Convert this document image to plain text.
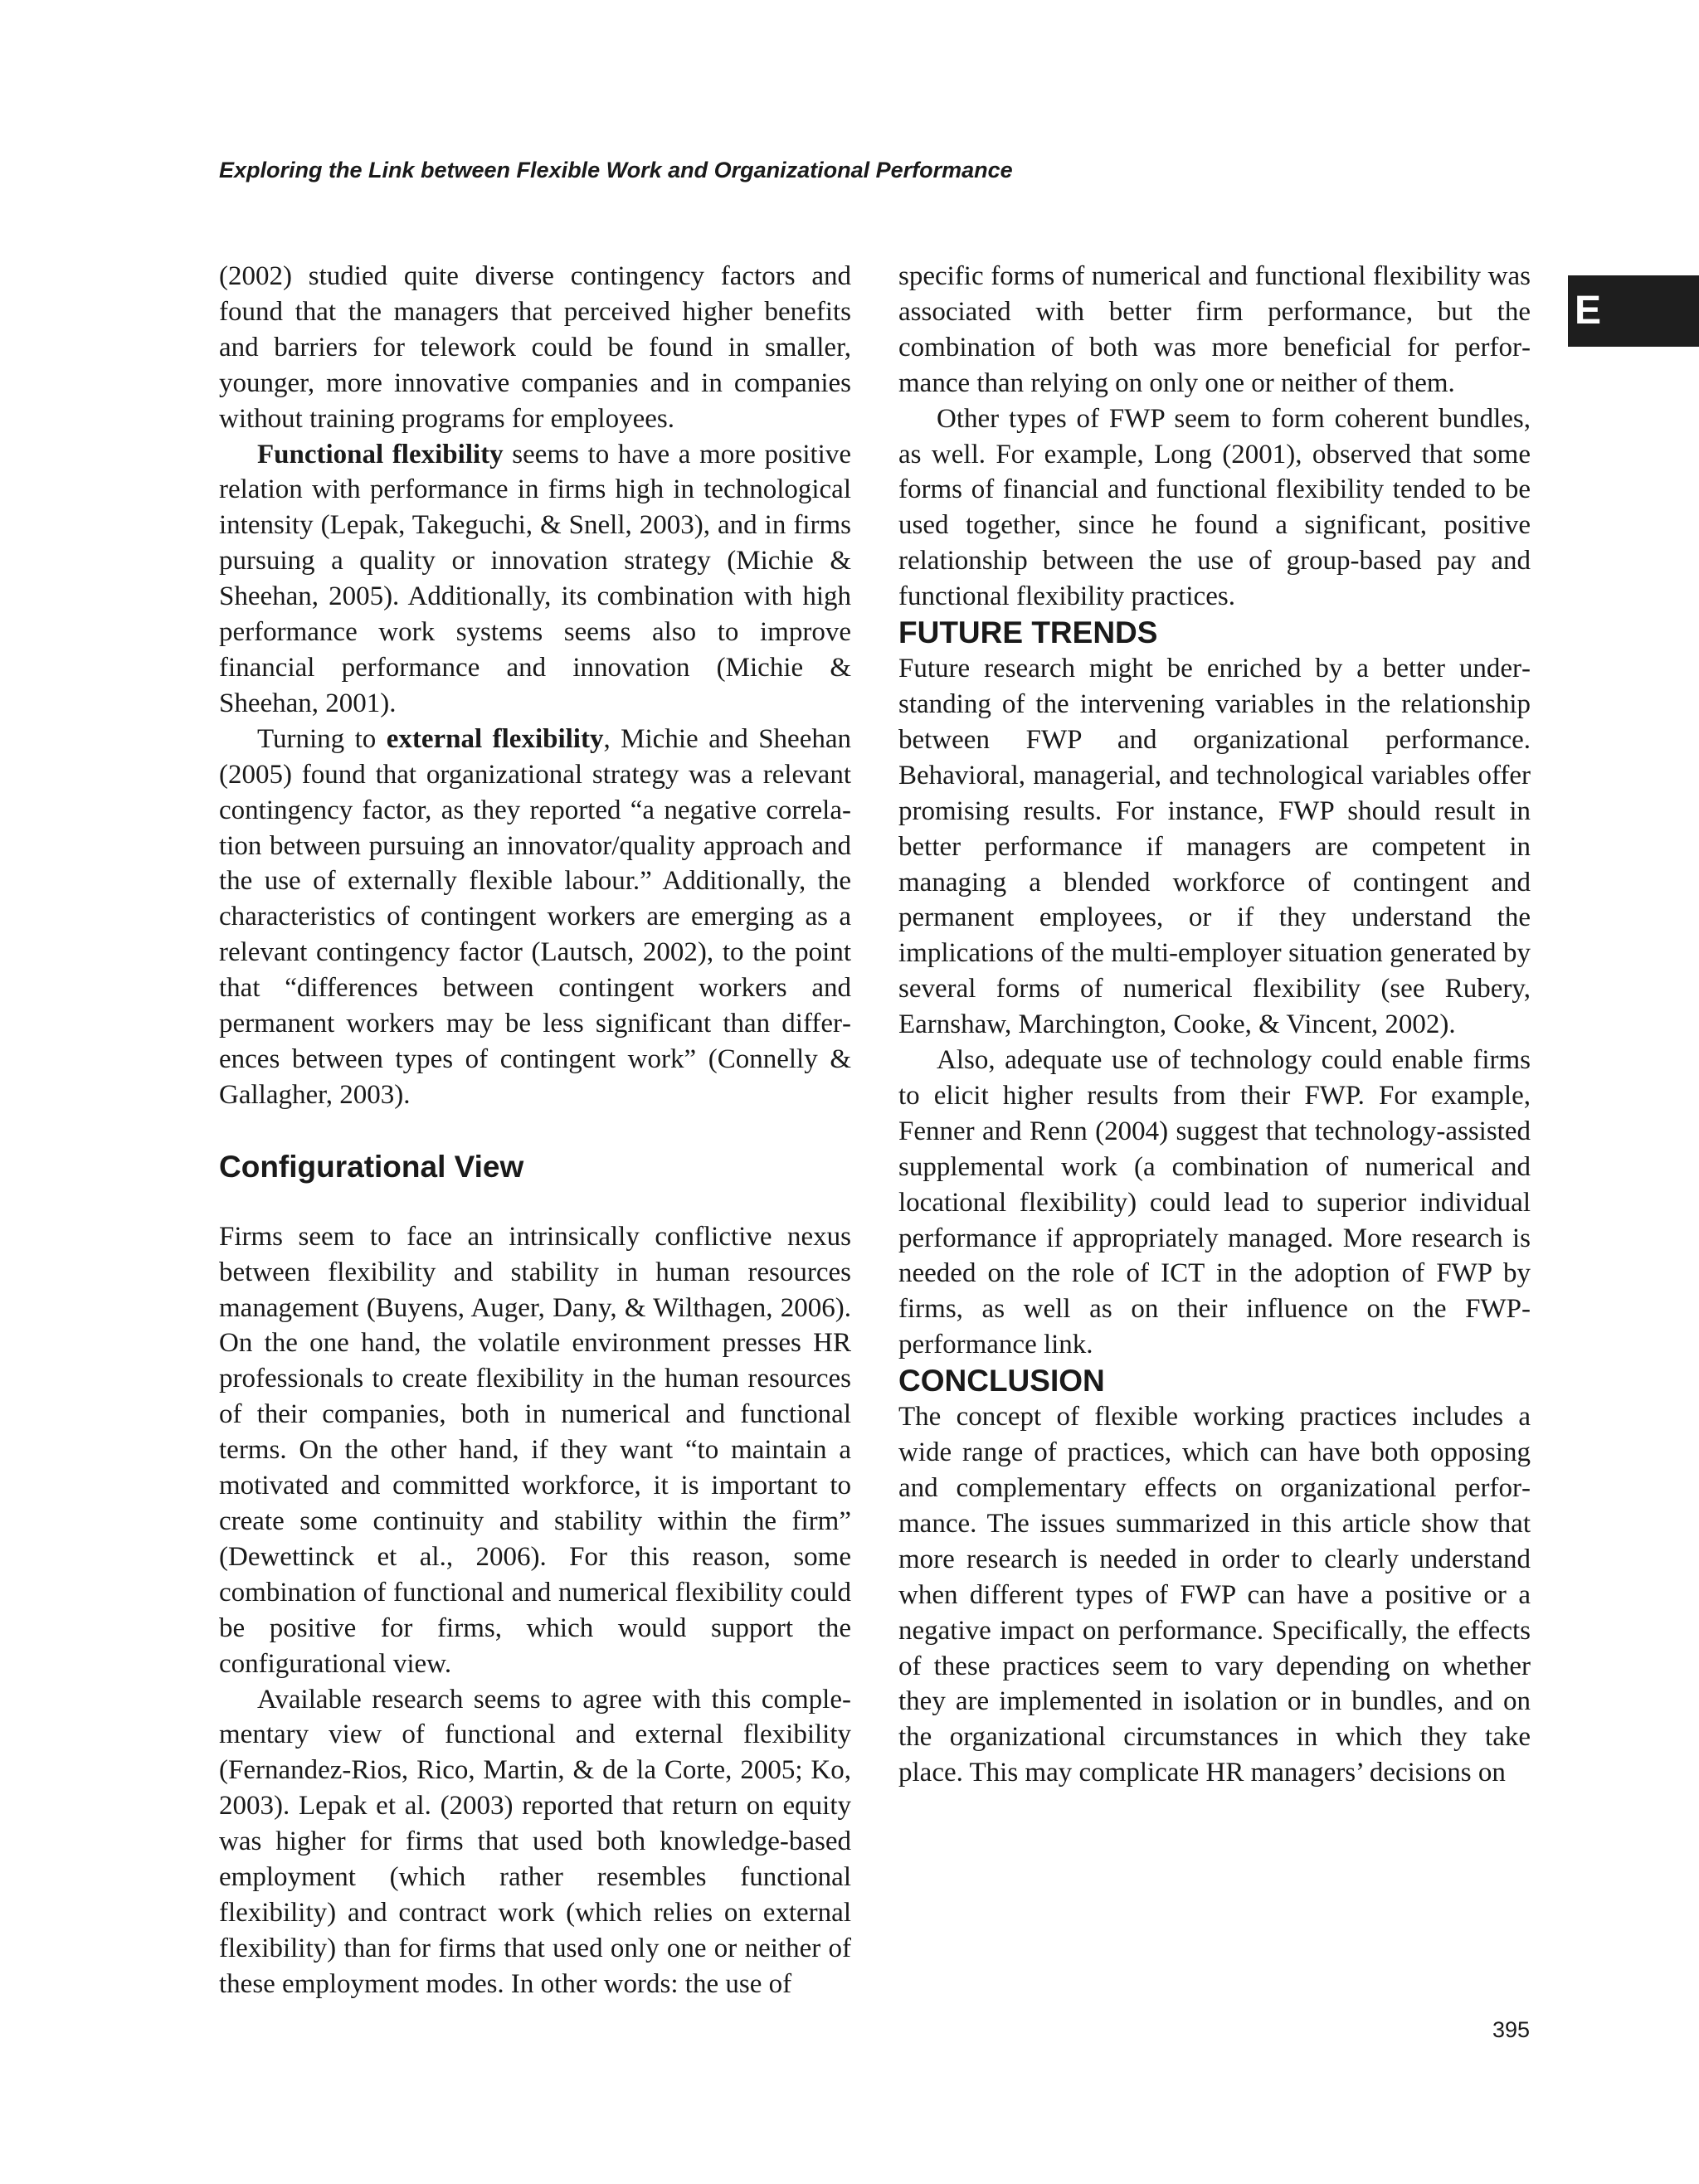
Exploring the Link between Flexible Work and Organizational Performance
E

(2002) studied quite diverse contingency factors and found that the managers that perceived higher benefits and barriers for telework could be found in smaller, younger, more innovative companies and in companies without training programs for employees.

Functional flexibility seems to have a more positive relation with performance in firms high in technological intensity (Lepak, Takeguchi, & Snell, 2003), and in firms pursuing a quality or innovation strategy (Michie & Sheehan, 2005). Additionally, its combination with high performance work systems seems also to improve financial performance and innovation (Michie & Sheehan, 2001).

Turning to external flexibility, Michie and Sheehan (2005) found that organizational strategy was a relevant contingency factor, as they reported “a negative correlation between pursuing an innovator/quality approach and the use of externally flexible labour.” Additionally, the characteristics of contingent workers are emerging as a relevant contingency factor (Lautsch, 2002), to the point that “differences between contingent workers and permanent workers may be less significant than differences between types of contingent work” (Connelly & Gallagher, 2003).

Configurational View

Firms seem to face an intrinsically conflictive nexus between flexibility and stability in human resources management (Buyens, Auger, Dany, & Wilthagen, 2006). On the one hand, the volatile environment presses HR professionals to create flexibility in the human resources of their companies, both in numerical and functional terms. On the other hand, if they want “to maintain a motivated and committed workforce, it is important to create some continuity and stability within the firm” (Dewettinck et al., 2006). For this reason, some combination of functional and numerical flexibility could be positive for firms, which would support the configurational view.

Available research seems to agree with this complementary view of functional and external flexibility (Fernandez-Rios, Rico, Martin, & de la Corte, 2005; Ko, 2003). Lepak et al. (2003) reported that return on equity was higher for firms that used both knowledge-based employment (which rather resembles functional flexibility) and contract work (which relies on external flexibility) than for firms that used only one or neither of these employment modes. In other words: the use of

specific forms of numerical and functional flexibility was associated with better firm performance, but the combination of both was more beneficial for performance than relying on only one or neither of them.

Other types of FWP seem to form coherent bundles, as well. For example, Long (2001), observed that some forms of financial and functional flexibility tended to be used together, since he found a significant, positive relationship between the use of group-based pay and functional flexibility practices.

FUTURE TRENDS

Future research might be enriched by a better understanding of the intervening variables in the relationship between FWP and organizational performance. Behavioral, managerial, and technological variables offer promising results. For instance, FWP should result in better performance if managers are competent in managing a blended workforce of contingent and permanent employees, or if they understand the implications of the multi-employer situation generated by several forms of numerical flexibility (see Rubery, Earnshaw, Marchington, Cooke, & Vincent, 2002).

Also, adequate use of technology could enable firms to elicit higher results from their FWP. For example, Fenner and Renn (2004) suggest that technology-assisted supplemental work (a combination of numerical and locational flexibility) could lead to superior individual performance if appropriately managed. More research is needed on the role of ICT in the adoption of FWP by firms, as well as on their influence on the FWP-performance link.

CONCLUSION

The concept of flexible working practices includes a wide range of practices, which can have both opposing and complementary effects on organizational performance. The issues summarized in this article show that more research is needed in order to clearly understand when different types of FWP can have a positive or a negative impact on performance. Specifically, the effects of these practices seem to vary depending on whether they are implemented in isolation or in bundles, and on the organizational circumstances in which they take place. This may complicate HR managers’ decisions on

395
